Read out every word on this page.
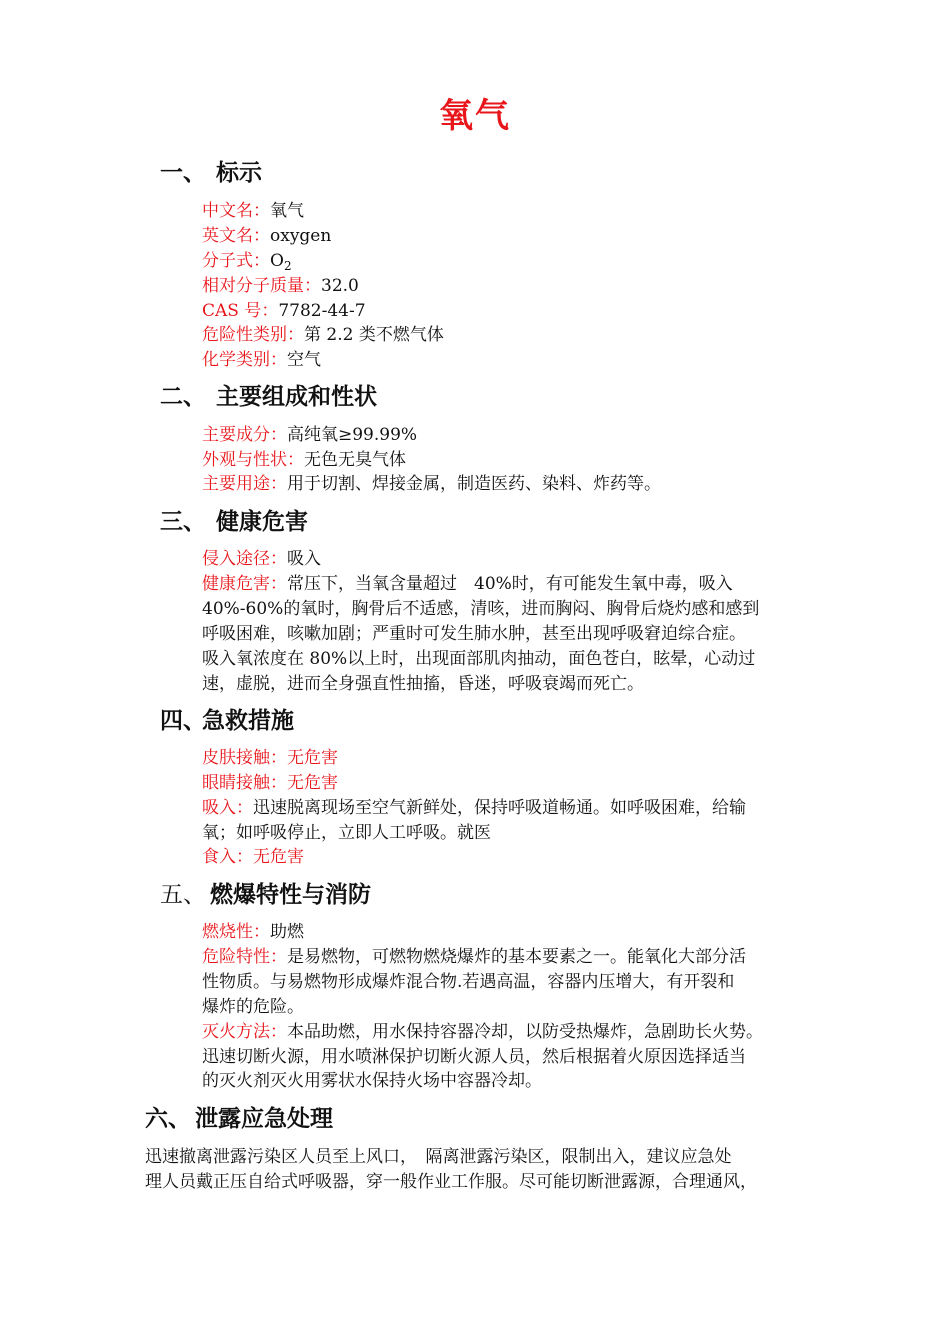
氧气
一、 标示
中文名：氧气
英文名：oxygen
分子式：$O_2$
相对分子质量：32.0
CAS 号：7782-44-7
危险性类别：第 2.2 类不燃气体
化学类别：空气
二、 主要组成和性状
主要成分：高纯氧≥99.99%
外观与性状：无色无臭气体
主要用途：用于切割、焊接金属，制造医药、染料、炸药等。
三、 健康危害
侵入途径：吸入
健康危害：常压下，当氧含量超过　40%时，有可能发生氧中毒，吸入
40%-60%的氧时，胸骨后不适感，清咳，进而胸闷、胸骨后烧灼感和感到
呼吸困难，咳嗽加剧；严重时可发生肺水肿，甚至出现呼吸窘迫综合症。
吸入氧浓度在 80%以上时，出现面部肌肉抽动，面色苍白，眩晕，心动过
速，虚脱，进而全身强直性抽搐，昏迷，呼吸衰竭而死亡。
四、急救措施
皮肤接触：无危害
眼睛接触：无危害
吸入：迅速脱离现场至空气新鲜处，保持呼吸道畅通。如呼吸困难，给输
氧；如呼吸停止，立即人工呼吸。就医
食入：无危害
五、 燃爆特性与消防
燃烧性：助燃
危险特性：是易燃物，可燃物燃烧爆炸的基本要素之一。能氧化大部分活
性物质。与易燃物形成爆炸混合物.若遇高温，容器内压增大，有开裂和
爆炸的危险。
灭火方法：本品助燃，用水保持容器冷却，以防受热爆炸，急剧助长火势。
迅速切断火源，用水喷淋保护切断火源人员，然后根据着火原因选择适当
的灭火剂灭火用雾状水保持火场中容器冷却。
六、 泄露应急处理
迅速撤离泄露污染区人员至上风口，　隔离泄露污染区，限制出入，建议应急处
理人员戴正压自给式呼吸器，穿一般作业工作服。尽可能切断泄露源，合理通风，
